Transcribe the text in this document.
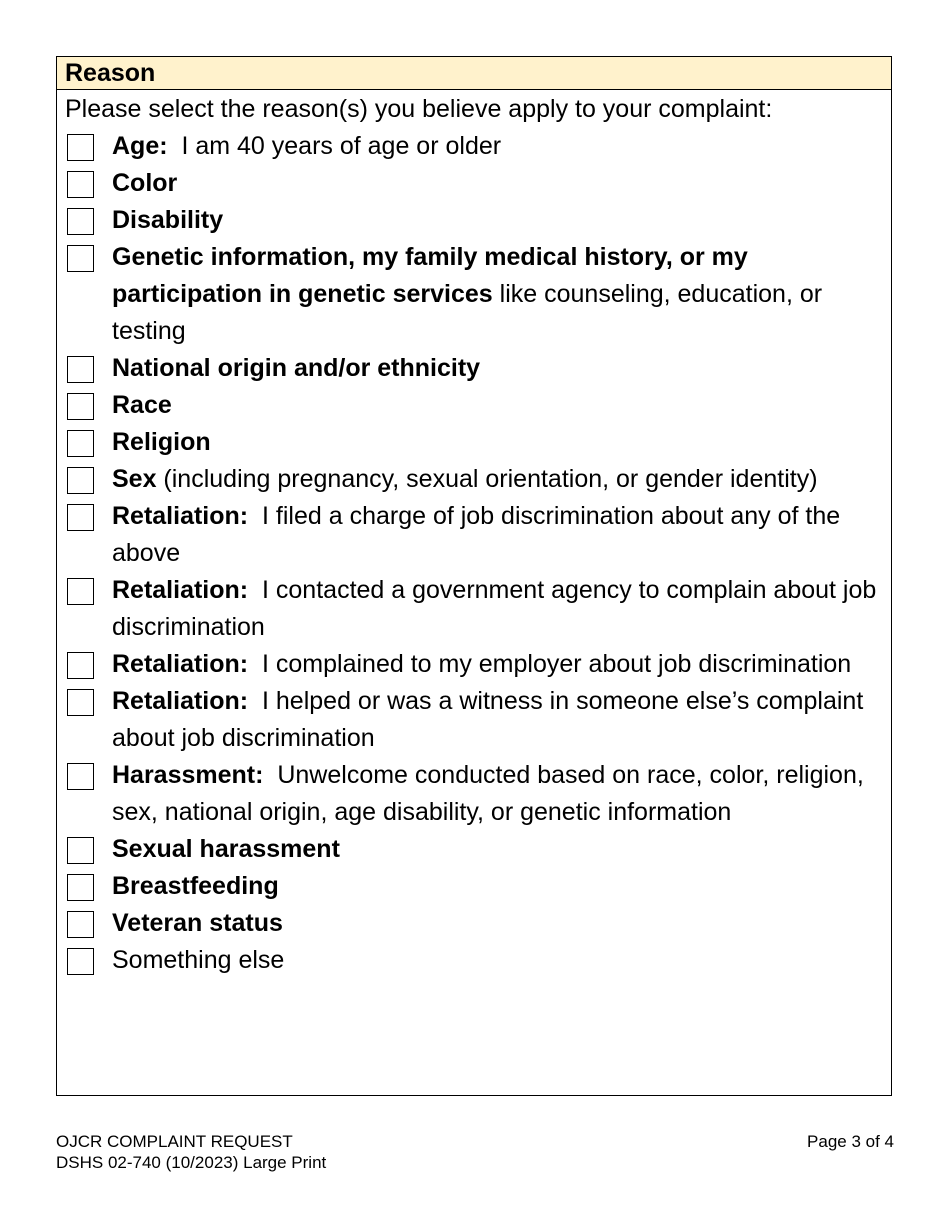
Reason
Please select the reason(s) you believe apply to your complaint:
Age:  I am 40 years of age or older
Color
Disability
Genetic information, my family medical history, or my participation in genetic services like counseling, education, or testing
National origin and/or ethnicity
Race
Religion
Sex (including pregnancy, sexual orientation, or gender identity)
Retaliation:  I filed a charge of job discrimination about any of the above
Retaliation:  I contacted a government agency to complain about job discrimination
Retaliation:  I complained to my employer about job discrimination
Retaliation:  I helped or was a witness in someone else’s complaint about job discrimination
Harassment:  Unwelcome conducted based on race, color, religion, sex, national origin, age disability, or genetic information
Sexual harassment
Breastfeeding
Veteran status
Something else
OJCR COMPLAINT REQUEST
DSHS 02-740 (10/2023) Large Print
Page 3 of 4
